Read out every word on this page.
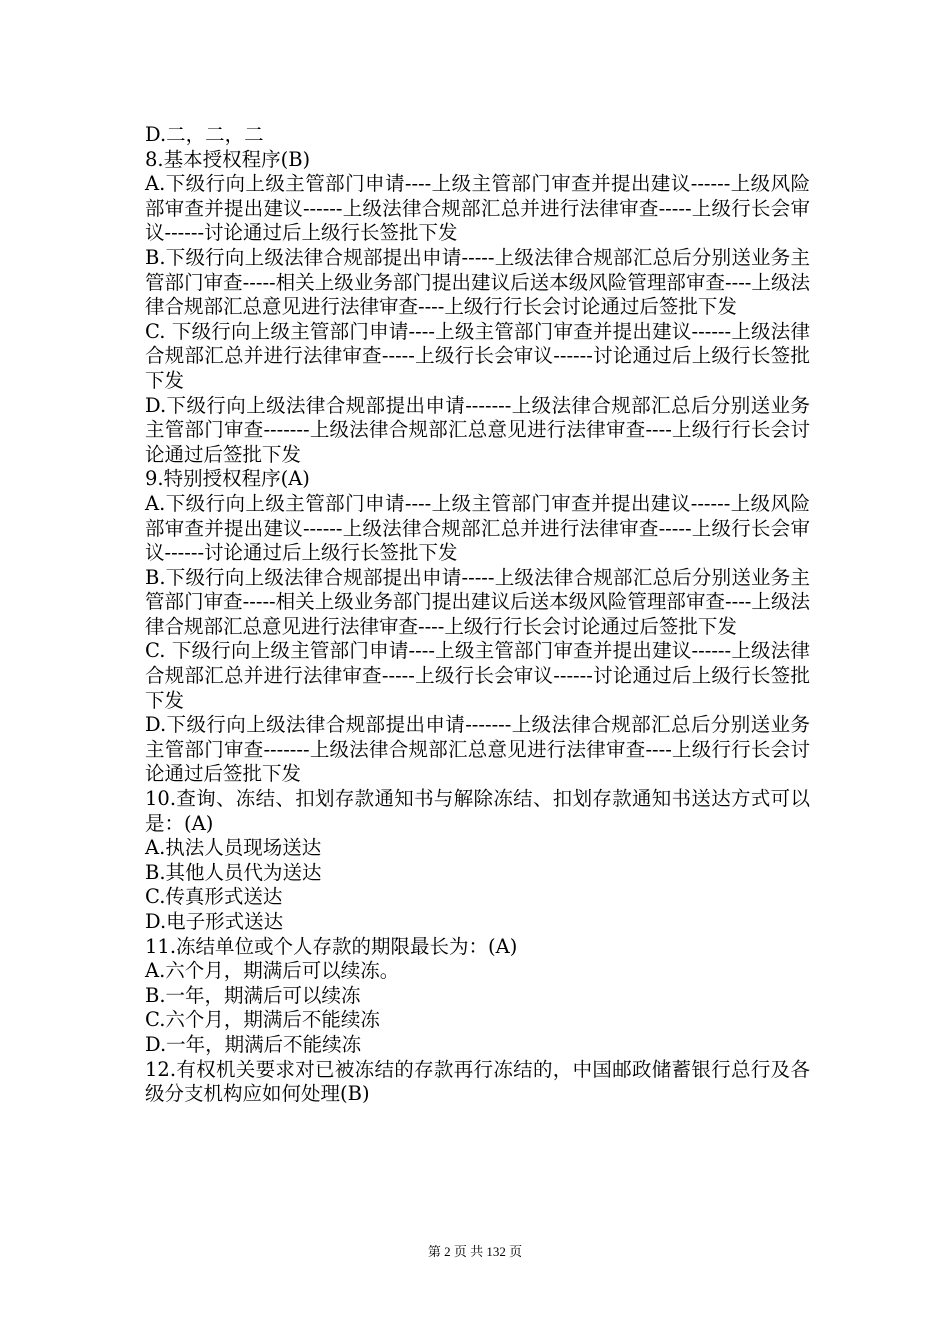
D.二，二，二

8.基本授权程序(B)

A.下级行向上级主管部门申请----上级主管部门审查并提出建议------上级风险部审查并提出建议------上级法律合规部汇总并进行法律审查-----上级行长会审议------讨论通过后上级行长签批下发

B.下级行向上级法律合规部提出申请-----上级法律合规部汇总后分别送业务主管部门审查-----相关上级业务部门提出建议后送本级风险管理部审查----上级法律合规部汇总意见进行法律审查----上级行行长会讨论通过后签批下发

C. 下级行向上级主管部门申请----上级主管部门审查并提出建议------上级法律合规部汇总并进行法律审查-----上级行长会审议------讨论通过后上级行长签批下发

D.下级行向上级法律合规部提出申请-------上级法律合规部汇总后分别送业务主管部门审查-------上级法律合规部汇总意见进行法律审查----上级行行长会讨论通过后签批下发

9.特别授权程序(A)

A.下级行向上级主管部门申请----上级主管部门审查并提出建议------上级风险部审查并提出建议------上级法律合规部汇总并进行法律审查-----上级行长会审议------讨论通过后上级行长签批下发

B.下级行向上级法律合规部提出申请-----上级法律合规部汇总后分别送业务主管部门审查-----相关上级业务部门提出建议后送本级风险管理部审查----上级法律合规部汇总意见进行法律审查----上级行行长会讨论通过后签批下发

C. 下级行向上级主管部门申请----上级主管部门审查并提出建议------上级法律合规部汇总并进行法律审查-----上级行长会审议------讨论通过后上级行长签批下发

D.下级行向上级法律合规部提出申请-------上级法律合规部汇总后分别送业务主管部门审查-------上级法律合规部汇总意见进行法律审查----上级行行长会讨论通过后签批下发

10.查询、冻结、扣划存款通知书与解除冻结、扣划存款通知书送达方式可以是：(A)

A.执法人员现场送达

B.其他人员代为送达

C.传真形式送达

D.电子形式送达

11.冻结单位或个人存款的期限最长为：(A)

A.六个月，期满后可以续冻。

B.一年，期满后可以续冻

C.六个月，期满后不能续冻

D.一年，期满后不能续冻

12.有权机关要求对已被冻结的存款再行冻结的，中国邮政储蓄银行总行及各级分支机构应如何处理(B)

第 2 页 共 132 页
